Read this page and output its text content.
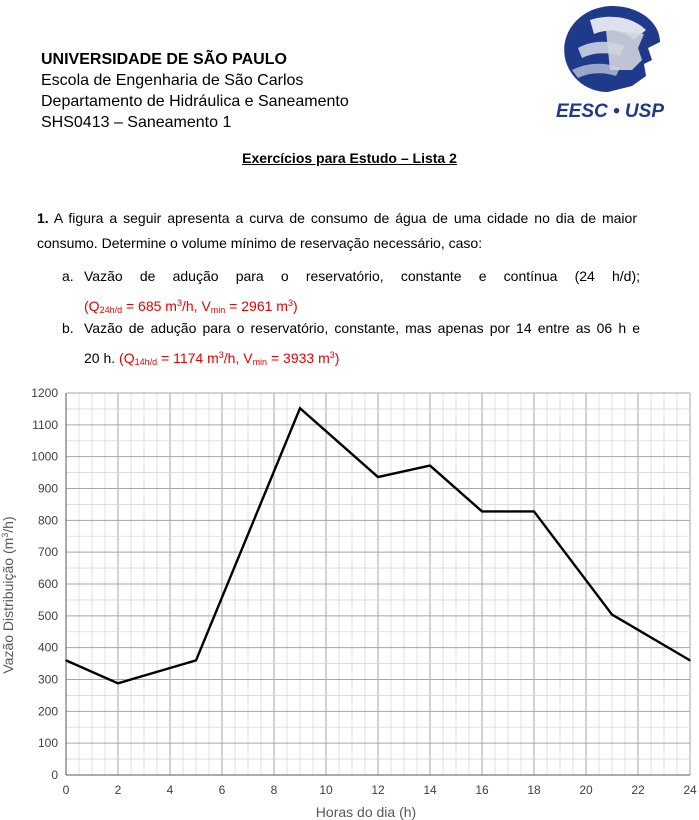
UNIVERSIDADE DE SÃO PAULO
Escola de Engenharia de São Carlos
Departamento de Hidráulica e Saneamento
SHS0413 – Saneamento 1
EESC • USP
Exercícios para Estudo – Lista 2
1. A figura a seguir apresenta a curva de consumo de água de uma cidade no dia de maior consumo. Determine o volume mínimo de reservação necessário, caso:
a. Vazão de adução para o reservatório, constante e contínua (24 h/d);
($Q_{24h/d} = 685$ $m^3/h$, $V_{min} = 2961$ $m^3$)
b. Vazão de adução para o reservatório, constante, mas apenas por 14 entre as 06 h e
20 h. ($Q_{14h/d} = 1174$ $m^3/h$, $V_{min} = 3933$ $m^3$)
0	2	4	6	8	10	12	14	16	18	20	22	24
0
100
200
300
400
500
600
700
800
900
1000
1100
1200
Horas do dia (h)
Vazão Distribuição $(m^3/h)$
